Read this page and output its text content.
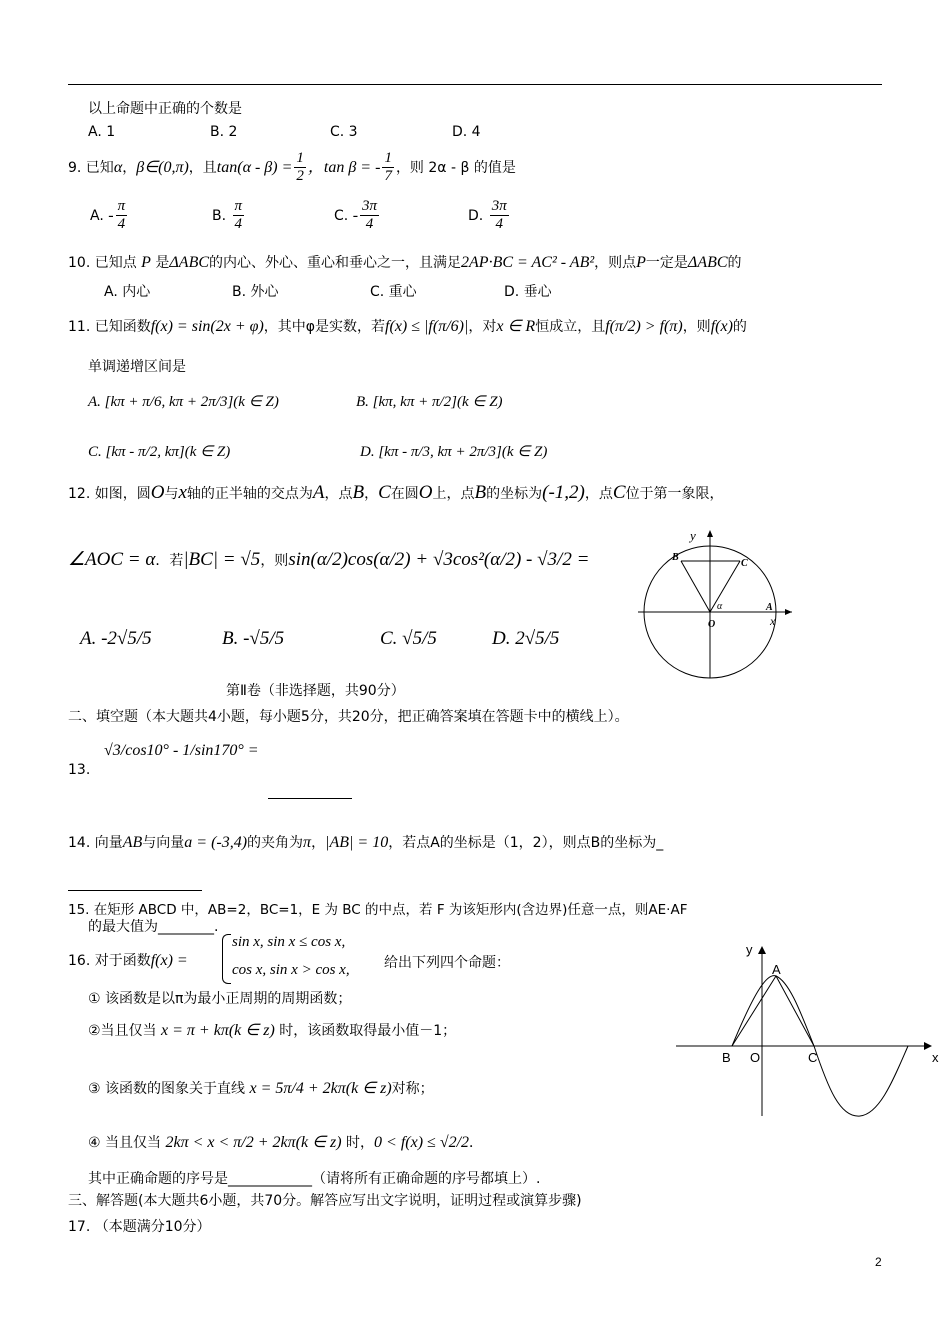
以上命题中正确的个数是
A. 1	B. 2	C. 3	D. 4
9. 已知α，β∈(0,π)，且$\tan(\alpha - \beta) = \frac{1}{2}$ ，tan β = - $\frac{1}{7}$ ，则 2α - β 的值是
A. - $\frac{\pi}{4}$	B. $\frac{\pi}{4}$	C. - $\frac{3\pi}{4}$	D. $\frac{3\pi}{4}$
10. 已知点 P 是ΔABC的内心、外心、重心和垂心之一，且满足2AP·BC = AC² - AB²，则点P一定是ΔABC的
A. 内心	B. 外心	C. 重心	D. 垂心
11. 已知函数f(x) = sin(2x + φ)，其中φ是实数，若f(x) ≤ |f(π/6)|，对x ∈ R恒成立，且f(π/2) > f(π)，则f(x)的
单调递增区间是
A. [kπ + π/6, kπ + 2π/3](k ∈ Z)	B. [kπ, kπ + π/2](k ∈ Z)
C. [kπ - π/2, kπ](k ∈ Z)	D. [kπ - π/3, kπ + 2π/3](k ∈ Z)
12. 如图，圆O与x轴的正半轴的交点为A，点B，C在圆O上，点B的坐标为(-1,2)，点C位于第一象限，
∠AOC = α．若|BC| = √5，则sin(α/2)cos(α/2) + √3cos²(α/2) - √3/2 =
A. -2√5/5	B. -√5/5	C. √5/5	D. 2√5/5
y
B
C
α	A
O	x
第Ⅱ卷（非选择题，共90分）
二、填空题（本大题共4小题，每小题5分，共20分，把正确答案填在答题卡中的横线上）。
13.
√3/cos10° - 1/sin170° =
14. 向量AB与向量a = (-3,4)的夹角为π，|AB| = 10，若点A的坐标是（1，2），则点B的坐标为_
15. 在矩形 ABCD 中，AB=2，BC=1，E 为 BC 的中点，若 F 为该矩形内(含边界)任意一点，则AE·AF
的最大值为________.
16. 对于函数f(x) =
sin x, sin x ≤ cos x,
cos x, sin x > cos x, 给出下列四个命题：
① 该函数是以π为最小正周期的周期函数；
②当且仅当 x = π + kπ(k ∈ z) 时，该函数取得最小值－1；
③ 该函数的图象关于直线 x = 5π/4 + 2kπ(k ∈ z)对称；
④ 当且仅当 2kπ < x < π/2 + 2kπ(k ∈ z) 时，0 < f(x) ≤ √2/2．
其中正确命题的序号是____________（请将所有正确命题的序号都填上）.
y
A
B O	C	x
三、解答题(本大题共6小题，共70分。解答应写出文字说明，证明过程或演算步骤)
17. （本题满分10分）
2
